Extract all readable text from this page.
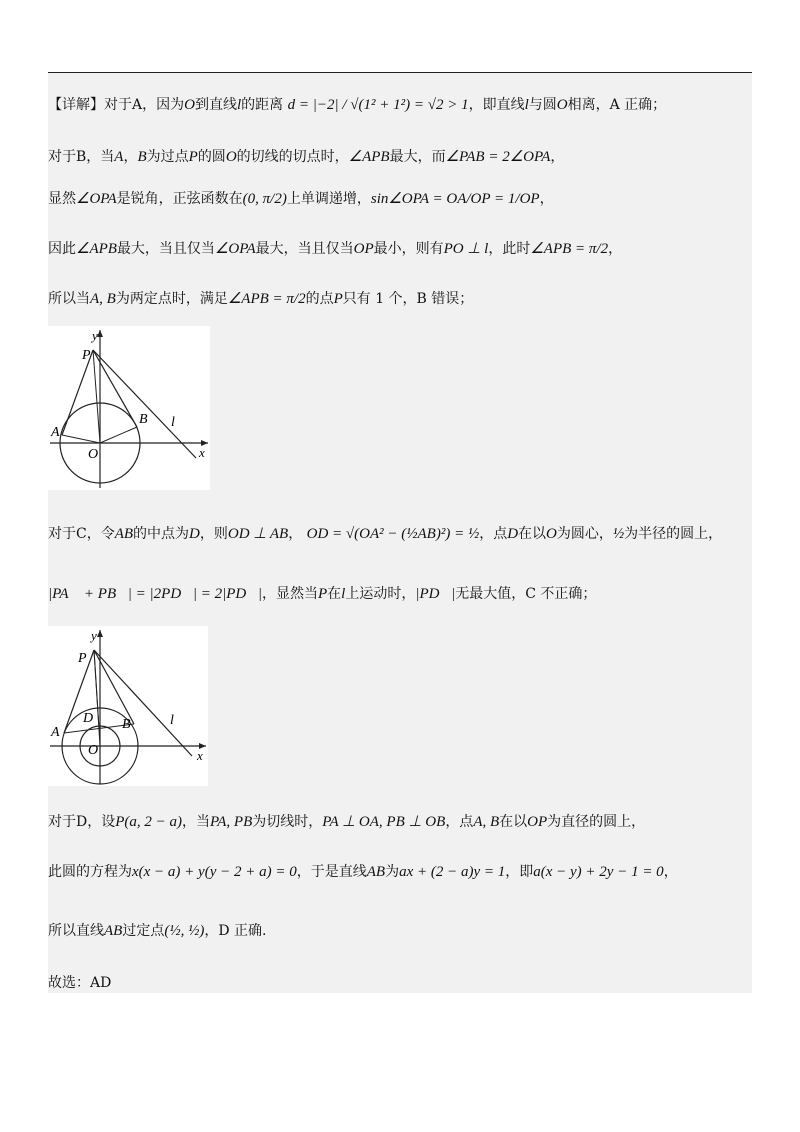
【详解】对于A，因为O到直线l的距离 d = |−2| / √(1² + 1²) = √2 > 1，即直线l与圆O相离，A 正确；
对于B，当A，B为过点P的圆O的切线的切点时，∠APB最大，而∠PAB = 2∠OPA，
显然∠OPA是锐角，正弦函数在(0, π/2)上单调递增，sin∠OPA = OA/OP = 1/OP，
因此∠APB最大，当且仅当∠OPA最大，当且仅当OP最小，则有PO ⊥ l，此时∠APB = π/2，
所以当A, B为两定点时，满足∠APB = π/2的点P只有 1 个，B 错误；
y
x
P
A
B
O
l
对于C，令AB的中点为D，则OD ⊥ AB， OD = √(OA² − (½AB)²) = ½，点D在以O为圆心，½为半径的圆上，
|PA⃗ + PB⃗| = |2PD⃗| = 2|PD⃗|，显然当P在l上运动时，|PD⃗|无最大值，C 不正确；
y
x
P
A
D B
O
l
对于D，设P(a, 2 − a)，当PA, PB为切线时，PA ⊥ OA, PB ⊥ OB，点A, B在以OP为直径的圆上，
此圆的方程为x(x − a) + y(y − 2 + a) = 0，于是直线AB为ax + (2 − a)y = 1，即a(x − y) + 2y − 1 = 0，
所以直线AB过定点(½, ½)，D 正确.
故选：AD
